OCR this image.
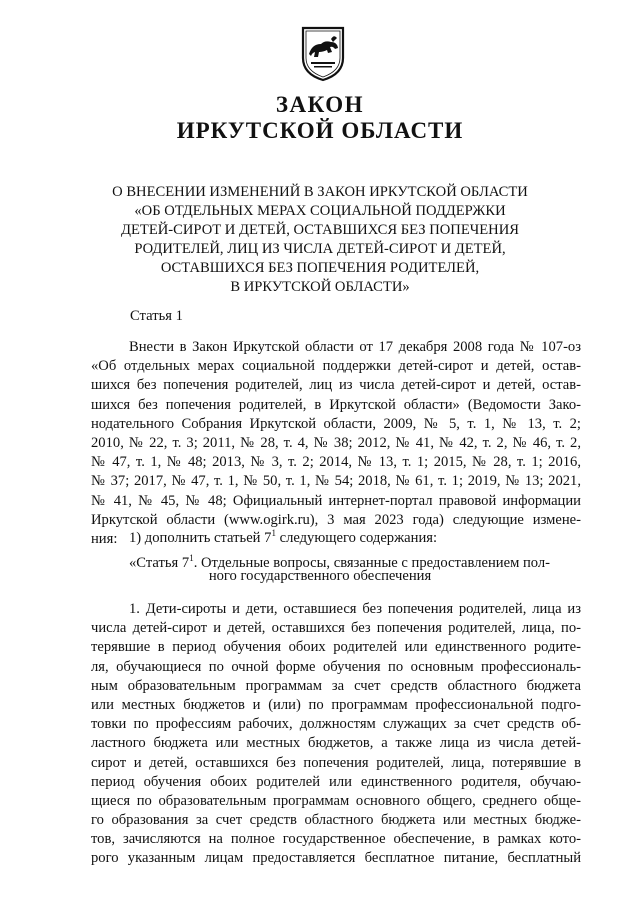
ЗАКОН
ИРКУТСКОЙ ОБЛАСТИ
О ВНЕСЕНИИ ИЗМЕНЕНИЙ В ЗАКОН ИРКУТСКОЙ ОБЛАСТИ
«ОБ ОТДЕЛЬНЫХ МЕРАХ СОЦИАЛЬНОЙ ПОДДЕРЖКИ
ДЕТЕЙ-СИРОТ И ДЕТЕЙ, ОСТАВШИХСЯ БЕЗ ПОПЕЧЕНИЯ
РОДИТЕЛЕЙ, ЛИЦ ИЗ ЧИСЛА ДЕТЕЙ-СИРОТ И ДЕТЕЙ,
ОСТАВШИХСЯ БЕЗ ПОПЕЧЕНИЯ РОДИТЕЛЕЙ,
В ИРКУТСКОЙ ОБЛАСТИ»
Статья 1
Внести в Закон Иркутской области от 17 декабря 2008 года № 107-оз
«Об отдельных мерах социальной поддержки детей-сирот и детей, остав-
шихся без попечения родителей, лиц из числа детей-сирот и детей, остав-
шихся без попечения родителей, в Иркутской области» (Ведомости Зако-
нодательного Собрания Иркутской области, 2009, № 5, т. 1, № 13, т. 2;
2010, № 22, т. 3; 2011, № 28, т. 4, № 38; 2012, № 41, № 42, т. 2, № 46, т. 2,
№ 47, т. 1, № 48; 2013, № 3, т. 2; 2014, № 13, т. 1; 2015, № 28, т. 1; 2016,
№ 37; 2017, № 47, т. 1, № 50, т. 1, № 54; 2018, № 61, т. 1; 2019, № 13; 2021,
№ 41, № 45, № 48; Официальный интернет-портал правовой информации
Иркутской области (www.ogirk.ru), 3 мая 2023 года) следующие измене-
ния: 1) дополнить статьей $7^1$ следующего содержания:
«Статья $7^1$. Отдельные вопросы, связанные с предоставлением пол-
ного государственного обеспечения
1. Дети-сироты и дети, оставшиеся без попечения родителей, лица из
числа детей-сирот и детей, оставшихся без попечения родителей, лица, по-
терявшие в период обучения обоих родителей или единственного родите-
ля, обучающиеся по очной форме обучения по основным профессиональ-
ным образовательным программам за счет средств областного бюджета
или местных бюджетов и (или) по программам профессиональной подго-
товки по профессиям рабочих, должностям служащих за счет средств об-
ластного бюджета или местных бюджетов, а также лица из числа детей-
сирот и детей, оставшихся без попечения родителей, лица, потерявшие в
период обучения обоих родителей или единственного родителя, обучаю-
щиеся по образовательным программам основного общего, среднего обще-
го образования за счет средств областного бюджета или местных бюдже-
тов, зачисляются на полное государственное обеспечение, в рамках кото-
рого указанным лицам предоставляется бесплатное питание, бесплатный
